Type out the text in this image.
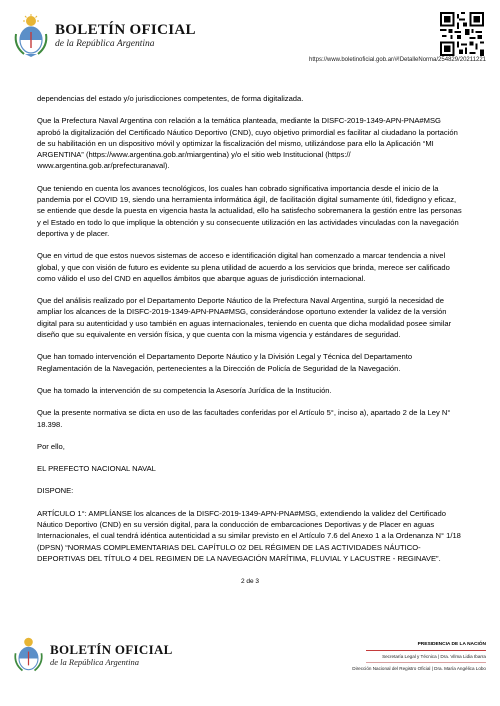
BOLETÍN OFICIAL
de la República Argentina
https://www.boletinoficial.gob.ar/#!DetalleNorma/254829/20211221

dependencias del estado y/o jurisdicciones competentes, de forma digitalizada.

Que la Prefectura Naval Argentina con relación a la temática planteada, mediante la DISFC-2019-1349-APN-PNA#MSG aprobó la digitalización del Certificado Náutico Deportivo (CND), cuyo objetivo primordial es facilitar al ciudadano la portación de su habilitación en un dispositivo móvil y optimizar la fiscalización del mismo, utilizándose para ello la Aplicación “MI ARGENTINA” (https://www.argentina.gob.ar/miargentina) y/o el sitio web Institucional (https:// www.argentina.gob.ar/prefecturanaval).

Que teniendo en cuenta los avances tecnológicos, los cuales han cobrado significativa importancia desde el inicio de la pandemia por el COVID 19, siendo una herramienta informática ágil, de facilitación digital sumamente útil, fidedigno y eficaz, se entiende que desde la puesta en vigencia hasta la actualidad, ello ha satisfecho sobremanera la gestión entre las personas y el Estado en todo lo que implique la obtención y su consecuente utilización en las actividades vinculadas con la navegación deportiva y de placer.

Que en virtud de que estos nuevos sistemas de acceso e identificación digital han comenzado a marcar tendencia a nivel global, y que con visión de futuro es evidente su plena utilidad de acuerdo a los servicios que brinda, merece ser calificado como válido el uso del CND en aquellos ámbitos que abarque aguas de jurisdicción internacional.

Que del análisis realizado por el Departamento Deporte Náutico de la Prefectura Naval Argentina, surgió la necesidad de ampliar los alcances de la DISFC-2019-1349-APN-PNA#MSG, considerándose oportuno extender la validez de la versión digital para su autenticidad y uso también en aguas internacionales, teniendo en cuenta que dicha modalidad posee similar diseño que su equivalente en versión física, y que cuenta con la misma vigencia y estándares de seguridad.

Que han tomado intervención el Departamento Deporte Náutico y la División Legal y Técnica del Departamento Reglamentación de la Navegación, pertenecientes a la Dirección de Policía de Seguridad de la Navegación.

Que ha tomado la intervención de su competencia la Asesoría Jurídica de la Institución.

Que la presente normativa se dicta en uso de las facultades conferidas por el Artículo 5°, inciso a), apartado 2 de la Ley N° 18.398.

Por ello,

EL PREFECTO NACIONAL NAVAL

DISPONE:

ARTÍCULO 1°: AMPLÍANSE los alcances de la DISFC-2019-1349-APN-PNA#MSG, extendiendo la validez del Certificado Náutico Deportivo (CND) en su versión digital, para la conducción de embarcaciones Deportivas y de Placer en aguas Internacionales, el cual tendrá idéntica autenticidad a su similar previsto en el Artículo 7.6 del Anexo 1 a la Ordenanza N° 1/18 (DPSN) “NORMAS COMPLEMENTARIAS DEL CAPÍTULO 02 DEL RÉGIMEN DE LAS ACTIVIDADES NÁUTICO-DEPORTIVAS DEL TÍTULO 4 DEL REGIMEN DE LA NAVEGACIÓN MARÍTIMA, FLUVIAL Y LACUSTRE - REGINAVE”.

2 de 3
BOLETÍN OFICIAL
de la República Argentina
PRESIDENCIA DE LA NACIÓN
Secretaría Legal y Técnica | Dra. Vilma Lidia Ibarra
Dirección Nacional del Registro Oficial | Dra. María Angélica Lobo
